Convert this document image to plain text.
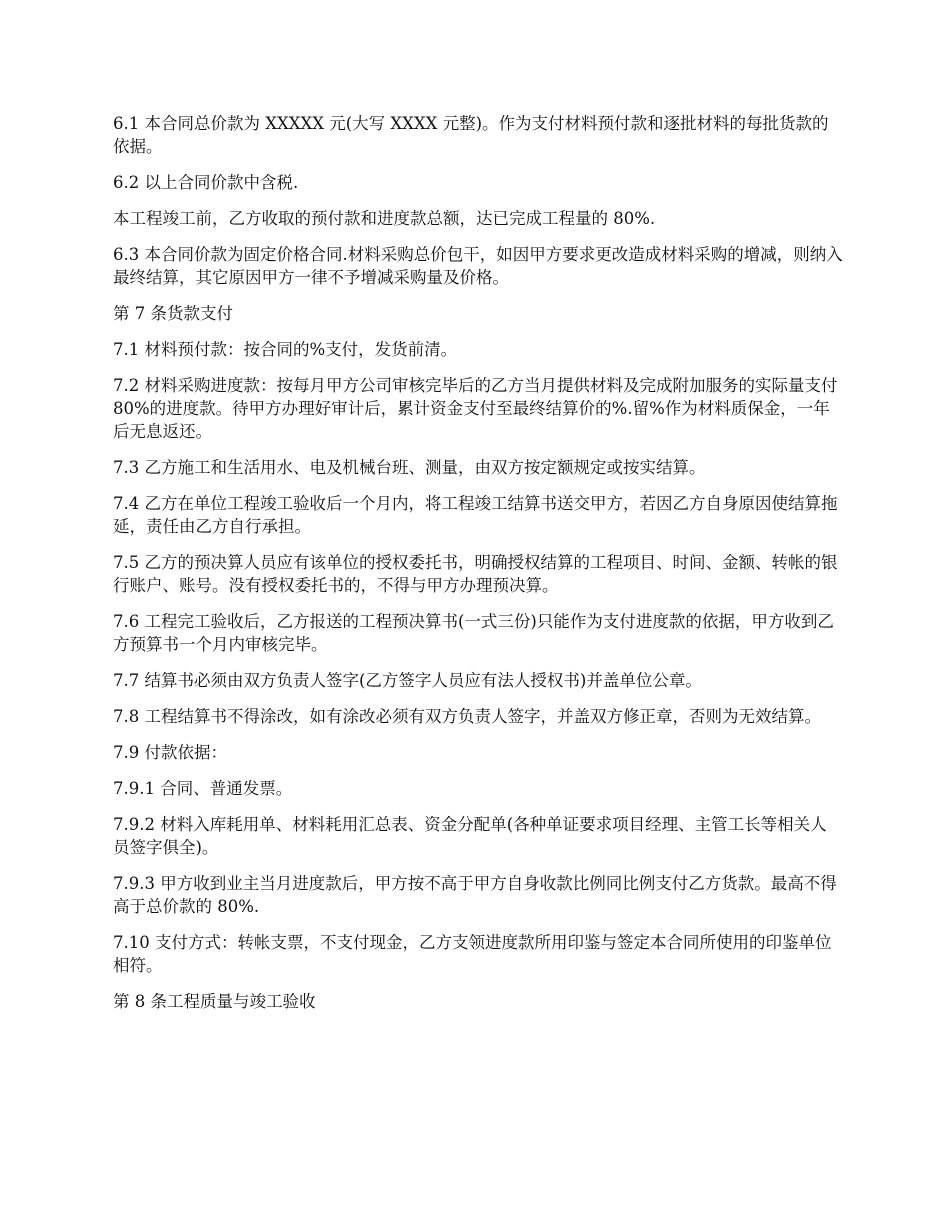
6.1 本合同总价款为 XXXXX 元(大写 XXXX 元整)。作为支付材料预付款和逐批材料的每批货款的依据。

6.2 以上合同价款中含税.

本工程竣工前，乙方收取的预付款和进度款总额，达已完成工程量的 80%.

6.3 本合同价款为固定价格合同.材料采购总价包干，如因甲方要求更改造成材料采购的增减，则纳入最终结算，其它原因甲方一律不予增减采购量及价格。

第 7 条货款支付

7.1 材料预付款：按合同的%支付，发货前清。

7.2 材料采购进度款：按每月甲方公司审核完毕后的乙方当月提供材料及完成附加服务的实际量支付 80%的进度款。待甲方办理好审计后，累计资金支付至最终结算价的%.留%作为材料质保金，一年后无息返还。

7.3 乙方施工和生活用水、电及机械台班、测量，由双方按定额规定或按实结算。

7.4 乙方在单位工程竣工验收后一个月内，将工程竣工结算书送交甲方，若因乙方自身原因使结算拖延，责任由乙方自行承担。

7.5 乙方的预决算人员应有该单位的授权委托书，明确授权结算的工程项目、时间、金额、转帐的银行账户、账号。没有授权委托书的，不得与甲方办理预决算。

7.6 工程完工验收后，乙方报送的工程预决算书(一式三份)只能作为支付进度款的依据，甲方收到乙方预算书一个月内审核完毕。

7.7 结算书必须由双方负责人签字(乙方签字人员应有法人授权书)并盖单位公章。

7.8 工程结算书不得涂改，如有涂改必须有双方负责人签字，并盖双方修正章，否则为无效结算。

7.9 付款依据：

7.9.1 合同、普通发票。

7.9.2 材料入库耗用单、材料耗用汇总表、资金分配单(各种单证要求项目经理、主管工长等相关人员签字俱全)。

7.9.3 甲方收到业主当月进度款后，甲方按不高于甲方自身收款比例同比例支付乙方货款。最高不得高于总价款的 80%.

7.10 支付方式：转帐支票，不支付现金，乙方支领进度款所用印鉴与签定本合同所使用的印鉴单位相符。

第 8 条工程质量与竣工验收
